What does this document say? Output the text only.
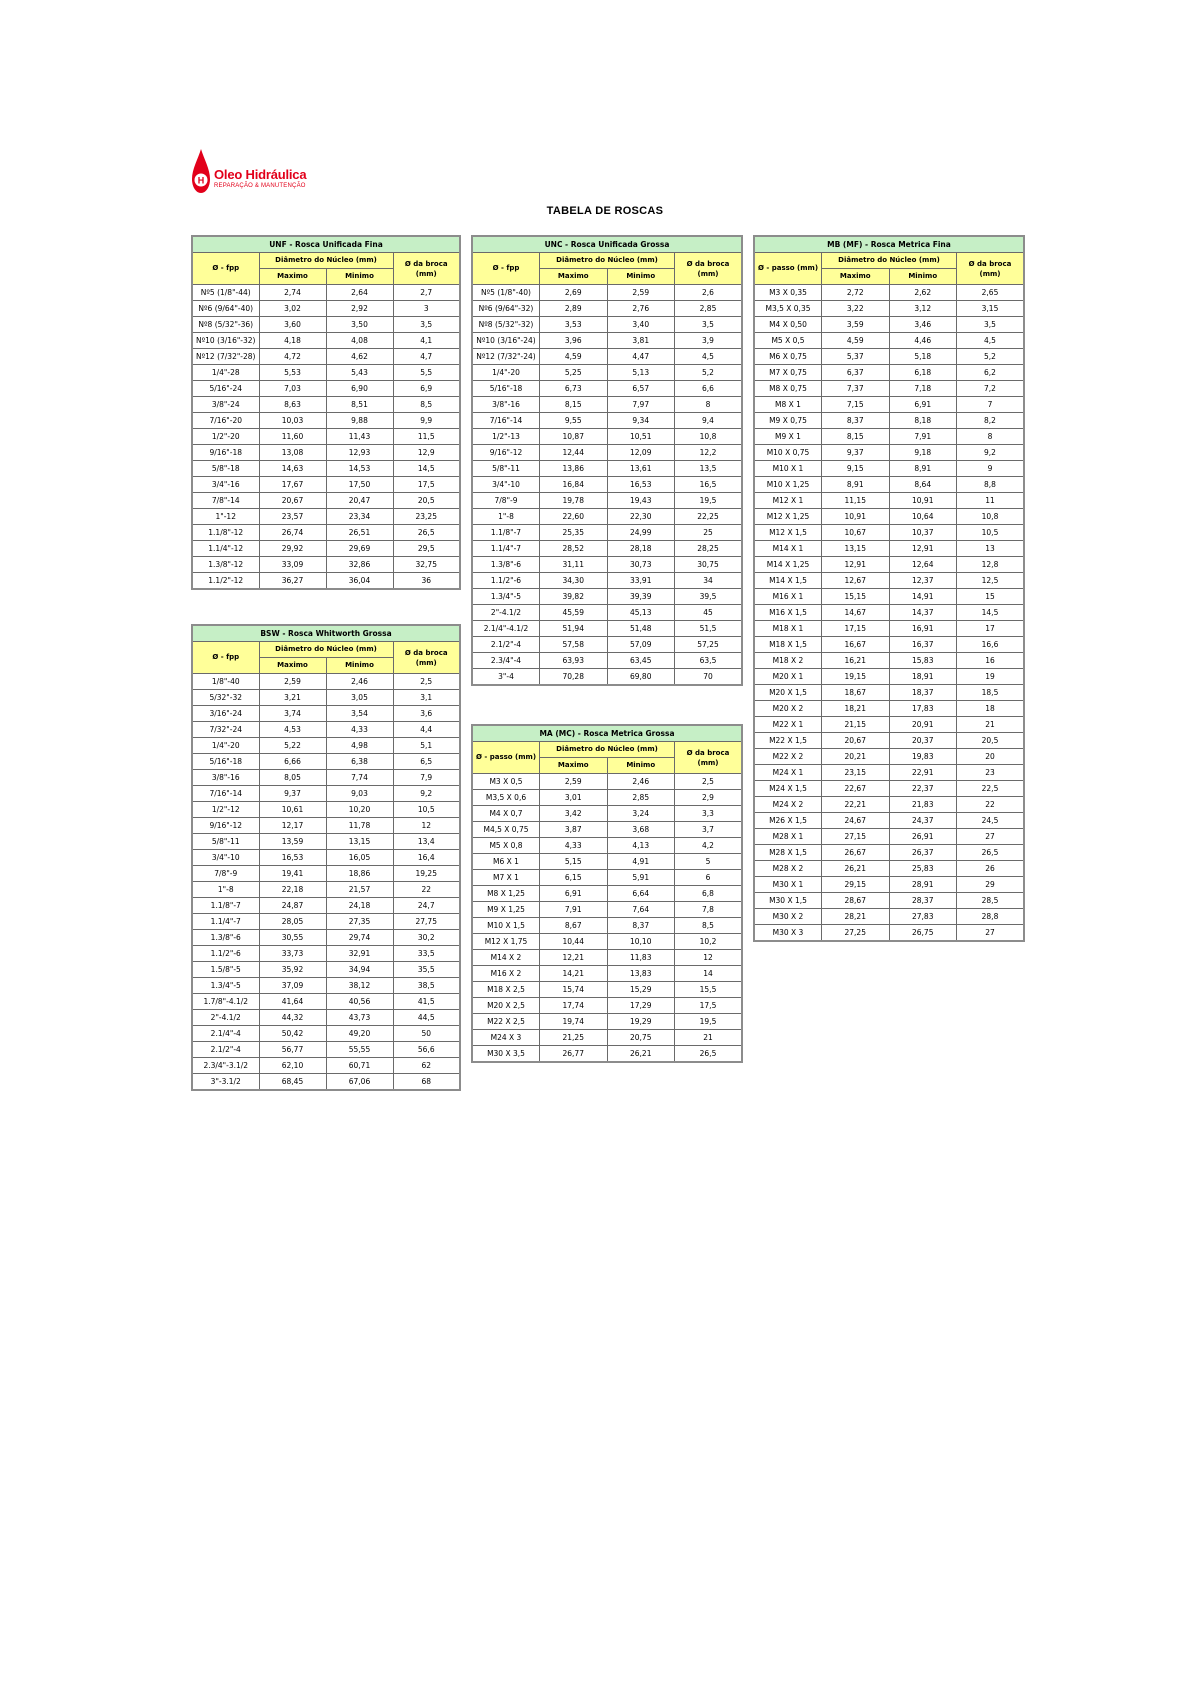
H Oleo Hidráulica
REPARAÇÃO & MANUTENÇÃO
TABELA DE ROSCAS
UNF - Rosca Unificada Fina			
Ø - fpp	Diâmetro do Núcleo (mm)		Ø da broca
(mm)

	Maximo	Minimo	
Nº5 (1/8"-44)	2,74	2,64	2,7
Nº6 (9/64"-40)	3,02	2,92	3
Nº8 (5/32"-36)	3,60	3,50	3,5
Nº10 (3/16"-32)	4,18	4,08	4,1
Nº12 (7/32"-28)	4,72	4,62	4,7
1/4"-28	5,53	5,43	5,5
5/16"-24	7,03	6,90	6,9
3/8"-24	8,63	8,51	8,5
7/16"-20	10,03	9,88	9,9
1/2"-20	11,60	11,43	11,5
9/16"-18	13,08	12,93	12,9
5/8"-18	14,63	14,53	14,5
3/4"-16	17,67	17,50	17,5
7/8"-14	20,67	20,47	20,5
1"-12	23,57	23,34	23,25
1.1/8"-12	26,74	26,51	26,5
1.1/4"-12	29,92	29,69	29,5
1.3/8"-12	33,09	32,86	32,75
1.1/2"-12	36,27	36,04	36
BSW - Rosca Whitworth Grossa			
Ø - fpp	Diâmetro do Núcleo (mm)		Ø da broca
(mm)

	Maximo	Minimo	
1/8"-40	2,59	2,46	2,5
5/32"-32	3,21	3,05	3,1
3/16"-24	3,74	3,54	3,6
7/32"-24	4,53	4,33	4,4
1/4"-20	5,22	4,98	5,1
5/16"-18	6,66	6,38	6,5
3/8"-16	8,05	7,74	7,9
7/16"-14	9,37	9,03	9,2
1/2"-12	10,61	10,20	10,5
9/16"-12	12,17	11,78	12
5/8"-11	13,59	13,15	13,4
3/4"-10	16,53	16,05	16,4
7/8"-9	19,41	18,86	19,25
1"-8	22,18	21,57	22
1.1/8"-7	24,87	24,18	24,7
1.1/4"-7	28,05	27,35	27,75
1.3/8"-6	30,55	29,74	30,2
1.1/2"-6	33,73	32,91	33,5
1.5/8"-5	35,92	34,94	35,5
1.3/4"-5	37,09	38,12	38,5
1.7/8"-4.1/2	41,64	40,56	41,5
2"-4.1/2	44,32	43,73	44,5
2.1/4"-4	50,42	49,20	50
2.1/2"-4	56,77	55,55	56,6
2.3/4"-3.1/2	62,10	60,71	62
3"-3.1/2	68,45	67,06	68
UNC - Rosca Unificada Grossa			
Ø - fpp	Diâmetro do Núcleo (mm)		Ø da broca
(mm)

	Maximo	Minimo	
Nº5 (1/8"-40)	2,69	2,59	2,6
Nº6 (9/64"-32)	2,89	2,76	2,85
Nº8 (5/32"-32)	3,53	3,40	3,5
Nº10 (3/16"-24)	3,96	3,81	3,9
Nº12 (7/32"-24)	4,59	4,47	4,5
1/4"-20	5,25	5,13	5,2
5/16"-18	6,73	6,57	6,6
3/8"-16	8,15	7,97	8
7/16"-14	9,55	9,34	9,4
1/2"-13	10,87	10,51	10,8
9/16"-12	12,44	12,09	12,2
5/8"-11	13,86	13,61	13,5
3/4"-10	16,84	16,53	16,5
7/8"-9	19,78	19,43	19,5
1"-8	22,60	22,30	22,25
1.1/8"-7	25,35	24,99	25
1.1/4"-7	28,52	28,18	28,25
1.3/8"-6	31,11	30,73	30,75
1.1/2"-6	34,30	33,91	34
1.3/4"-5	39,82	39,39	39,5
2"-4.1/2	45,59	45,13	45
2.1/4"-4.1/2	51,94	51,48	51,5
2.1/2"-4	57,58	57,09	57,25
2.3/4"-4	63,93	63,45	63,5
3"-4	70,28	69,80	70
MA (MC) - Rosca Metrica Grossa			
Ø - passo (mm)	Diâmetro do Núcleo (mm)		Ø da broca
(mm)

	Maximo	Minimo	
M3 X 0,5	2,59	2,46	2,5
M3,5 X 0,6	3,01	2,85	2,9
M4 X 0,7	3,42	3,24	3,3
M4,5 X 0,75	3,87	3,68	3,7
M5 X 0,8	4,33	4,13	4,2
M6 X 1	5,15	4,91	5
M7 X 1	6,15	5,91	6
M8 X 1,25	6,91	6,64	6,8
M9 X 1,25	7,91	7,64	7,8
M10 X 1,5	8,67	8,37	8,5
M12 X 1,75	10,44	10,10	10,2
M14 X 2	12,21	11,83	12
M16 X 2	14,21	13,83	14
M18 X 2,5	15,74	15,29	15,5
M20 X 2,5	17,74	17,29	17,5
M22 X 2,5	19,74	19,29	19,5
M24 X 3	21,25	20,75	21
M30 X 3,5	26,77	26,21	26,5
MB (MF) - Rosca Metrica Fina			
Ø - passo (mm)	Diâmetro do Núcleo (mm)		Ø da broca
(mm)

	Maximo	Minimo	
M3 X 0,35	2,72	2,62	2,65
M3,5 X 0,35	3,22	3,12	3,15
M4 X 0,50	3,59	3,46	3,5
M5 X 0,5	4,59	4,46	4,5
M6 X 0,75	5,37	5,18	5,2
M7 X 0,75	6,37	6,18	6,2
M8 X 0,75	7,37	7,18	7,2
M8 X 1	7,15	6,91	7
M9 X 0,75	8,37	8,18	8,2
M9 X 1	8,15	7,91	8
M10 X 0,75	9,37	9,18	9,2
M10 X 1	9,15	8,91	9
M10 X 1,25	8,91	8,64	8,8
M12 X 1	11,15	10,91	11
M12 X 1,25	10,91	10,64	10,8
M12 X 1,5	10,67	10,37	10,5
M14 X 1	13,15	12,91	13
M14 X 1,25	12,91	12,64	12,8
M14 X 1,5	12,67	12,37	12,5
M16 X 1	15,15	14,91	15
M16 X 1,5	14,67	14,37	14,5
M18 X 1	17,15	16,91	17
M18 X 1,5	16,67	16,37	16,6
M18 X 2	16,21	15,83	16
M20 X 1	19,15	18,91	19
M20 X 1,5	18,67	18,37	18,5
M20 X 2	18,21	17,83	18
M22 X 1	21,15	20,91	21
M22 X 1,5	20,67	20,37	20,5
M22 X 2	20,21	19,83	20
M24 X 1	23,15	22,91	23
M24 X 1,5	22,67	22,37	22,5
M24 X 2	22,21	21,83	22
M26 X 1,5	24,67	24,37	24,5
M28 X 1	27,15	26,91	27
M28 X 1,5	26,67	26,37	26,5
M28 X 2	26,21	25,83	26
M30 X 1	29,15	28,91	29
M30 X 1,5	28,67	28,37	28,5
M30 X 2	28,21	27,83	28,8
M30 X 3	27,25	26,75	27
